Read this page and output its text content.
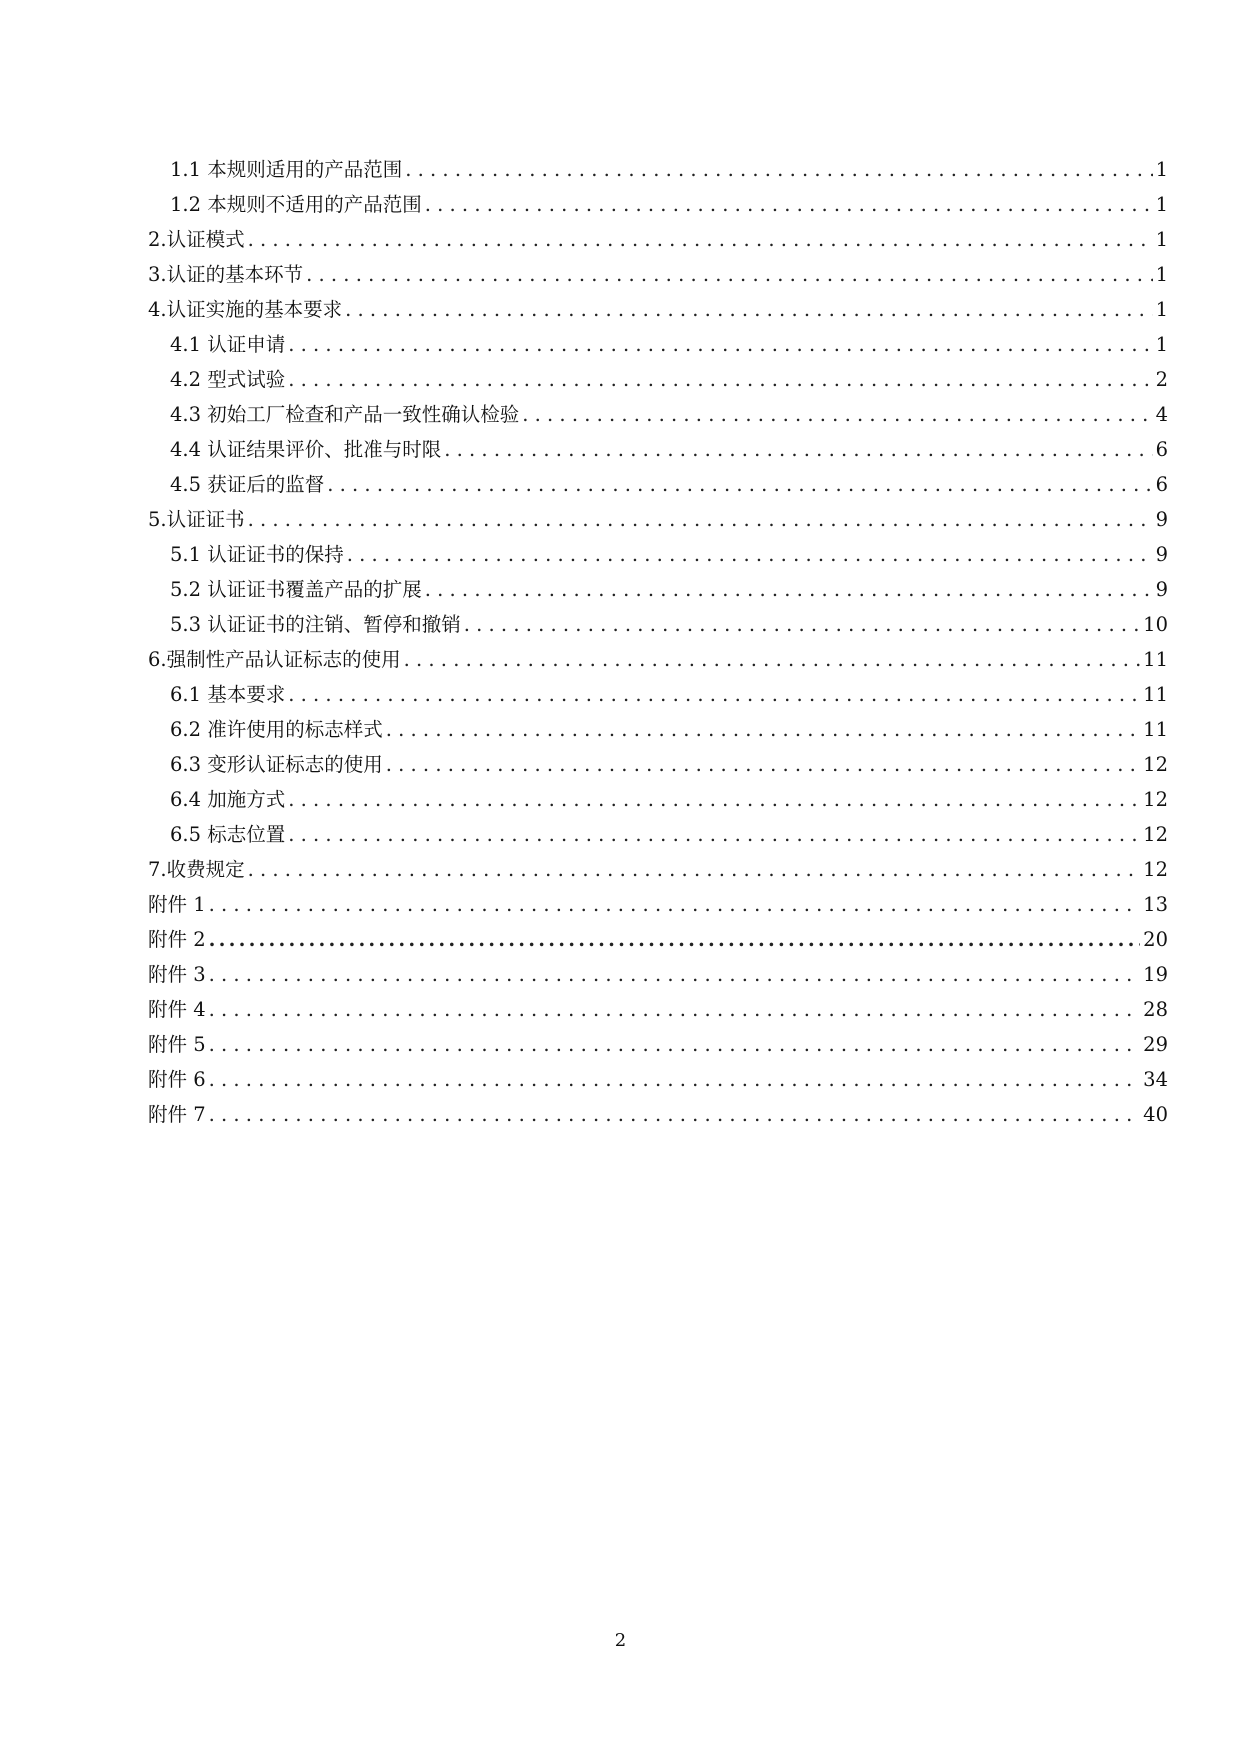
1.1 本规则适用的产品范围 .....	1
1.2 本规则不适用的产品范围 .....	1
2.认证模式 .....	1
3.认证的基本环节 .....	1
4.认证实施的基本要求 .....	1
4.1 认证申请 .....	1
4.2 型式试验 .....	2
4.3 初始工厂检查和产品一致性确认检验 .....	4
4.4 认证结果评价、批准与时限 .....	6
4.5 获证后的监督 .....	6
5.认证证书 .....	9
5.1 认证证书的保持 .....	9
5.2 认证证书覆盖产品的扩展 .....	9
5.3 认证证书的注销、暂停和撤销 .....	10
6.强制性产品认证标志的使用 .....	11
6.1 基本要求 .....	11
6.2 准许使用的标志样式 .....	11
6.3 变形认证标志的使用 .....	12
6.4 加施方式 .....	12
6.5 标志位置 .....	12
7.收费规定 .....	12
附件 1 .....	13
附件 2 .....	20
附件 3 .....	19
附件 4 .....	28
附件 5 .....	29
附件 6 .....	34
附件 7 .....	40
2
